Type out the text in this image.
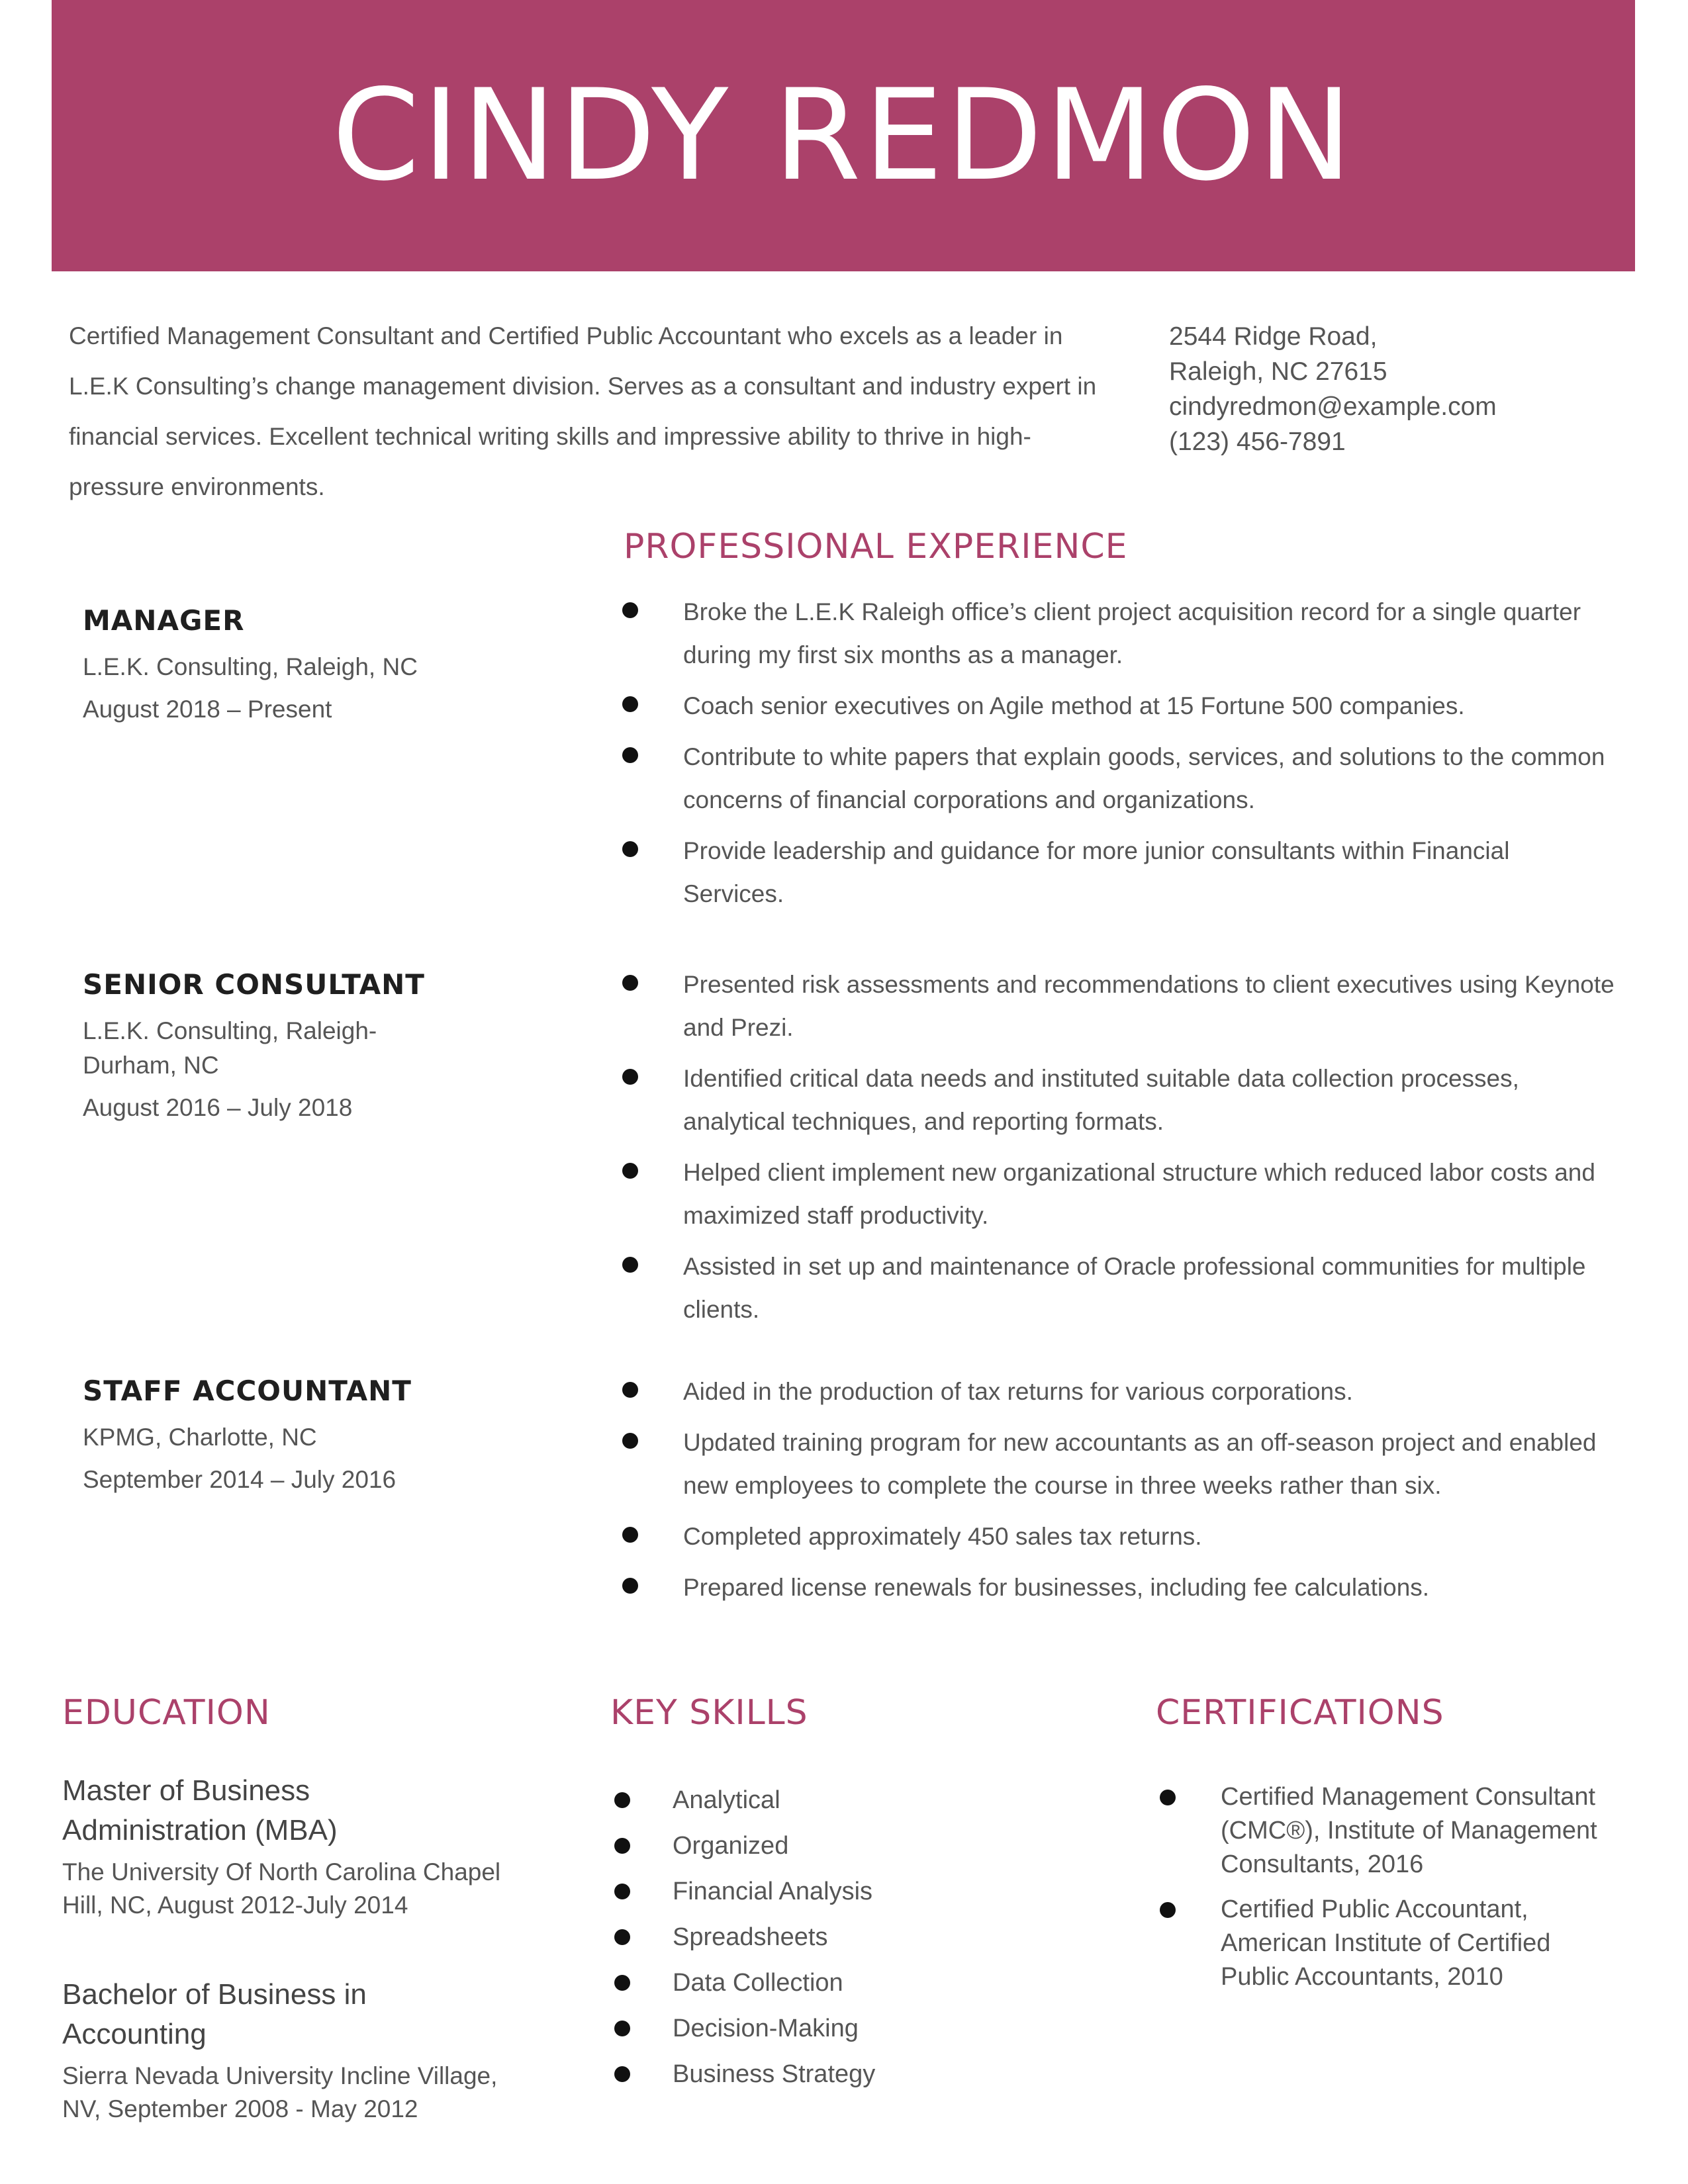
CINDY REDMON

Certified Management Consultant and Certified Public Accountant who excels as a leader in L.E.K Consulting’s change management division. Serves as a consultant and industry expert in financial services. Excellent technical writing skills and impressive ability to thrive in high-pressure environments.

2544 Ridge Road,
Raleigh, NC 27615
cindyredmon@example.com
(123) 456-7891
PROFESSIONAL EXPERIENCE
MANAGER
L.E.K. Consulting, Raleigh, NC
August 2018 – Present
Broke the L.E.K Raleigh office’s client project acquisition record for a single quarter during my first six months as a manager.
Coach senior executives on Agile method at 15 Fortune 500 companies.
Contribute to white papers that explain goods, services, and solutions to the common concerns of financial corporations and organizations.
Provide leadership and guidance for more junior consultants within Financial Services.
SENIOR CONSULTANT
L.E.K. Consulting, Raleigh-Durham, NC
August 2016 – July 2018
Presented risk assessments and recommendations to client executives using Keynote and Prezi.
Identified critical data needs and instituted suitable data collection processes, analytical techniques, and reporting formats.
Helped client implement new organizational structure which reduced labor costs and maximized staff productivity.
Assisted in set up and maintenance of Oracle professional communities for multiple clients.
STAFF ACCOUNTANT
KPMG, Charlotte, NC
September 2014 – July 2016
Aided in the production of tax returns for various corporations.
Updated training program for new accountants as an off-season project and enabled new employees to complete the course in three weeks rather than six.
Completed approximately 450 sales tax returns.
Prepared license renewals for businesses, including fee calculations.
EDUCATION	KEY SKILLS	CERTIFICATIONS
Master of Business Administration (MBA)
The University Of North Carolina Chapel Hill, NC, August 2012-July 2014
Bachelor of Business in Accounting
Sierra Nevada University Incline Village, NV, September 2008 - May 2012
Analytical
Organized
Financial Analysis
Spreadsheets
Data Collection
Decision-Making
Business Strategy
Certified Management Consultant (CMC®), Institute of Management Consultants, 2016
Certified Public Accountant, American Institute of Certified Public Accountants, 2010
